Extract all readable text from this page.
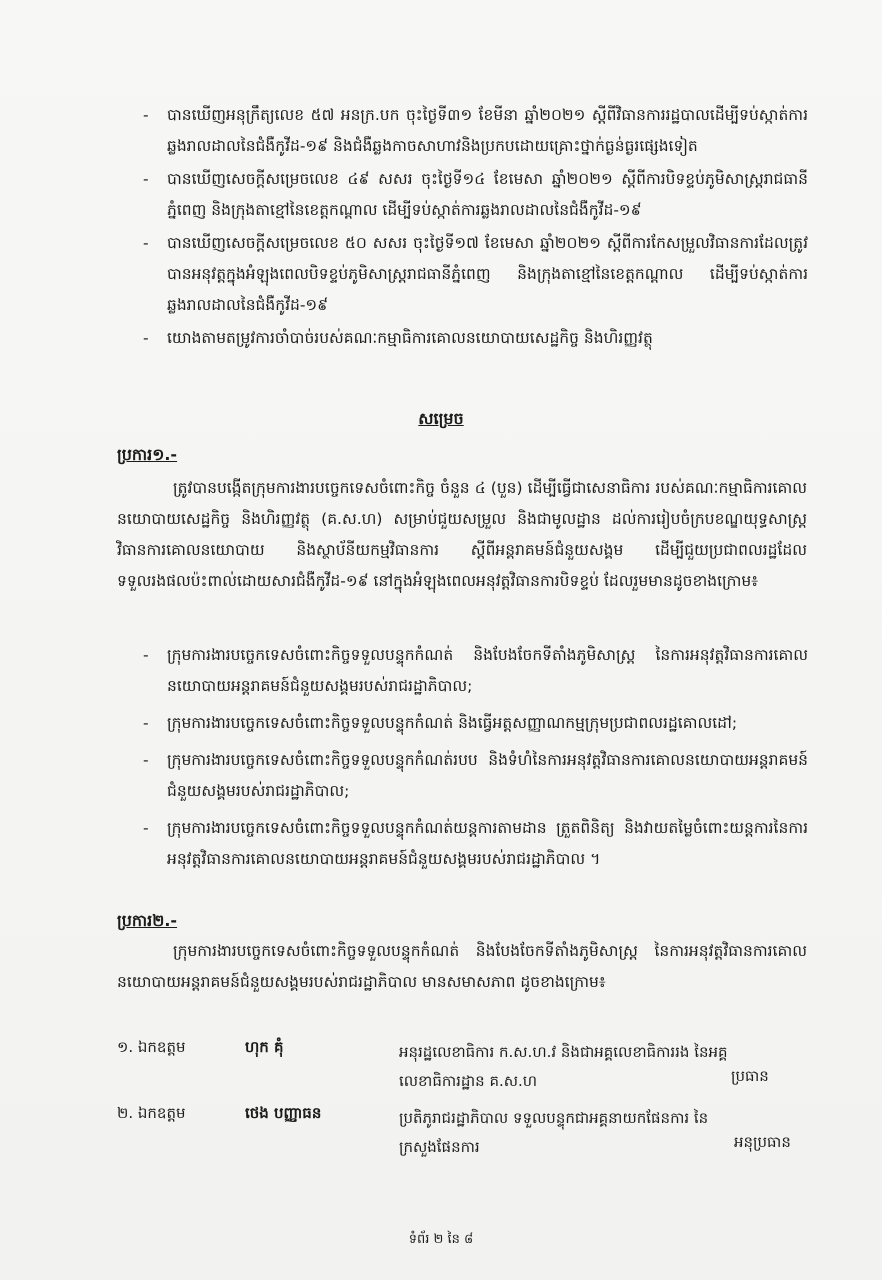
-	បានឃើញអនុក្រឹត្យលេខ ៥៧ អនក្រ.បក ចុះថ្ងៃទី៣១ ខែមីនា ឆ្នាំ២០២១ ស្តីពីវិធានការរដ្ឋបាលដើម្បីទប់ស្កាត់ការឆ្លងរាលដាលនៃជំងឺកូវីដ-១៩ និងជំងឺឆ្លងកាចសាហាវនិងប្រកបដោយគ្រោះថ្នាក់ធ្ងន់ធ្ងរផ្សេងទៀត
-	បានឃើញសេចក្តីសម្រេចលេខ ៤៩ សសរ ចុះថ្ងៃទី១៤ ខែមេសា ឆ្នាំ២០២១ ស្តីពីការបិទខ្ទប់ភូមិសាស្ត្ររាជធានីភ្នំពេញ និងក្រុងតាខ្មៅនៃខេត្តកណ្តាល ដើម្បីទប់ស្កាត់ការឆ្លងរាលដាលនៃជំងឺកូវីដ-១៩
-	បានឃើញសេចក្តីសម្រេចលេខ ៥០ សសរ ចុះថ្ងៃទី១៧ ខែមេសា ឆ្នាំ២០២១ ស្តីពីការកែសម្រួលវិធានការដែលត្រូវបានអនុវត្តក្នុងអំឡុងពេលបិទខ្ទប់ភូមិសាស្ត្ររាជធានីភ្នំពេញ និងក្រុងតាខ្មៅនៃខេត្តកណ្តាល ដើម្បីទប់ស្កាត់ការឆ្លងរាលដាលនៃជំងឺកូវីដ-១៩
-	យោងតាមតម្រូវការចាំបាច់របស់គណៈកម្មាធិការគោលនយោបាយសេដ្ឋកិច្ច និងហិរញ្ញវត្ថុ
សម្រេច
ប្រការ១.-
ត្រូវបានបង្កើតក្រុមការងារបច្ចេកទេសចំពោះកិច្ច ចំនួន ៤ (បួន) ដើម្បីធ្វើជាសេនាធិការ របស់គណៈកម្មាធិការគោលនយោបាយសេដ្ឋកិច្ច និងហិរញ្ញវត្ថុ (គ.ស.ហ) សម្រាប់ជួយសម្រួល និងជាមូលដ្ឋាន ដល់ការរៀបចំក្របខណ្ឌយុទ្ធសាស្ត្រ វិធានការគោលនយោបាយ និងស្ថាប័នីយកម្មវិធានការ ស្តីពីអន្តរាគមន៍ជំនួយសង្គម ដើម្បីជួយប្រជាពលរដ្ឋដែលទទួលរងផលប៉ះពាល់ដោយសារជំងឺកូវីដ-១៩ នៅក្នុងអំឡុងពេលអនុវត្តវិធានការបិទខ្ទប់ ដែលរួមមានដូចខាងក្រោម៖
-	ក្រុមការងារបច្ចេកទេសចំពោះកិច្ចទទួលបន្ទុកកំណត់ និងបែងចែកទីតាំងភូមិសាស្ត្រ នៃការអនុវត្តវិធានការគោលនយោបាយអន្តរាគមន៍ជំនួយសង្គមរបស់រាជរដ្ឋាភិបាល;
-	ក្រុមការងារបច្ចេកទេសចំពោះកិច្ចទទួលបន្ទុកកំណត់ និងធ្វើអត្តសញ្ញាណកម្មក្រុមប្រជាពលរដ្ឋគោលដៅ;
-	ក្រុមការងារបច្ចេកទេសចំពោះកិច្ចទទួលបន្ទុកកំណត់របប និងទំហំនៃការអនុវត្តវិធានការគោលនយោបាយអន្តរាគមន៍ជំនួយសង្គមរបស់រាជរដ្ឋាភិបាល;
-	ក្រុមការងារបច្ចេកទេសចំពោះកិច្ចទទួលបន្ទុកកំណត់យន្តការតាមដាន ត្រួតពិនិត្យ និងវាយតម្លៃចំពោះយន្តការនៃការអនុវត្តវិធានការគោលនយោបាយអន្តរាគមន៍ជំនួយសង្គមរបស់រាជរដ្ឋាភិបាល ។
ប្រការ២.-
ក្រុមការងារបច្ចេកទេសចំពោះកិច្ចទទួលបន្ទុកកំណត់ និងបែងចែកទីតាំងភូមិសាស្ត្រ នៃការអនុវត្តវិធានការគោលនយោបាយអន្តរាគមន៍ជំនួយសង្គមរបស់រាជរដ្ឋាភិបាល មានសមាសភាព ដូចខាងក្រោម៖
១. ឯកឧត្តម	ហុក គុំ	អនុរដ្ឋលេខាធិការ ក.ស.ហ.វ និងជាអគ្គលេខាធិការរង នៃអគ្គលេខាធិការដ្ឋាន គ.ស.ហ	ប្រធាន
២. ឯកឧត្តម	ថេង បញ្ញាធន	ប្រតិភូរាជរដ្ឋាភិបាល ទទួលបន្ទុកជាអគ្គនាយកផែនការ នៃក្រសួងផែនការ	អនុប្រធាន
ទំព័រ ២ នៃ ៨
